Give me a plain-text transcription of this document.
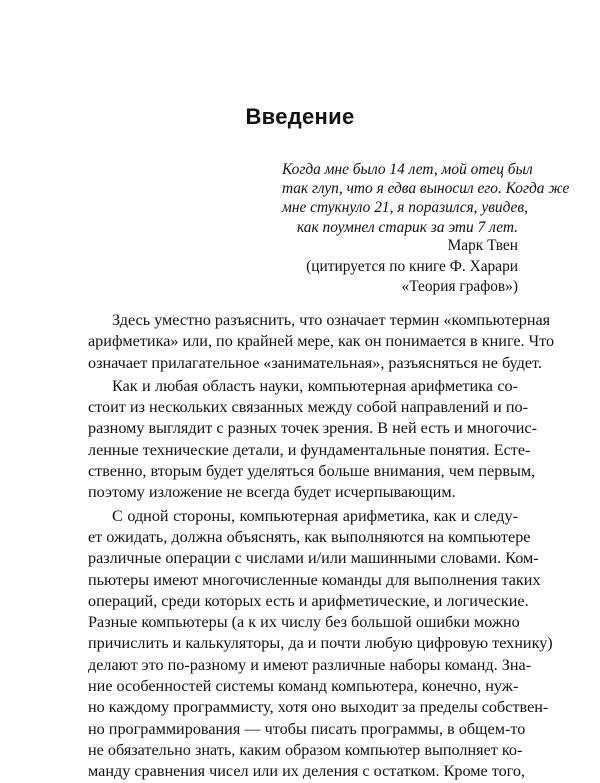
Введение
Когда мне было 14 лет, мой отец был
так глуп, что я едва выносил его. Когда же
мне стукнуло 21, я поразился, увидев,
как поумнел старик за эти 7 лет.
Марк Твен
(цитируется по книге Ф. Харари
«Теория графов»)
Здесь уместно разъяснить, что означает термин «компьютерная
арифметика» или, по крайней мере, как он понимается в книге. Что
означает прилагательное «занимательная», разъясняться не будет.
Как и любая область науки, компьютерная арифметика со-
стоит из нескольких связанных между собой направлений и по-
разному выглядит с разных точек зрения. В ней есть и многочис-
ленные технические детали, и фундаментальные понятия. Есте-
ственно, вторым будет уделяться больше внимания, чем первым,
поэтому изложение не всегда будет исчерпывающим.
С одной стороны, компьютерная арифметика, как и следу-
ет ожидать, должна объяснять, как выполняются на компьютере
различные операции с числами и/или машинными словами. Ком-
пьютеры имеют многочисленные команды для выполнения таких
операций, среди которых есть и арифметические, и логические.
Разные компьютеры (а к их числу без большой ошибки можно
причислить и калькуляторы, да и почти любую цифровую технику)
делают это по-разному и имеют различные наборы команд. Зна-
ние особенностей системы команд компьютера, конечно, нуж-
но каждому программисту, хотя оно выходит за пределы собствен-
но программирования — чтобы писать программы, в общем-то
не обязательно знать, каким образом компьютер выполняет ко-
манду сравнения чисел или их деления с остатком. Кроме того,
